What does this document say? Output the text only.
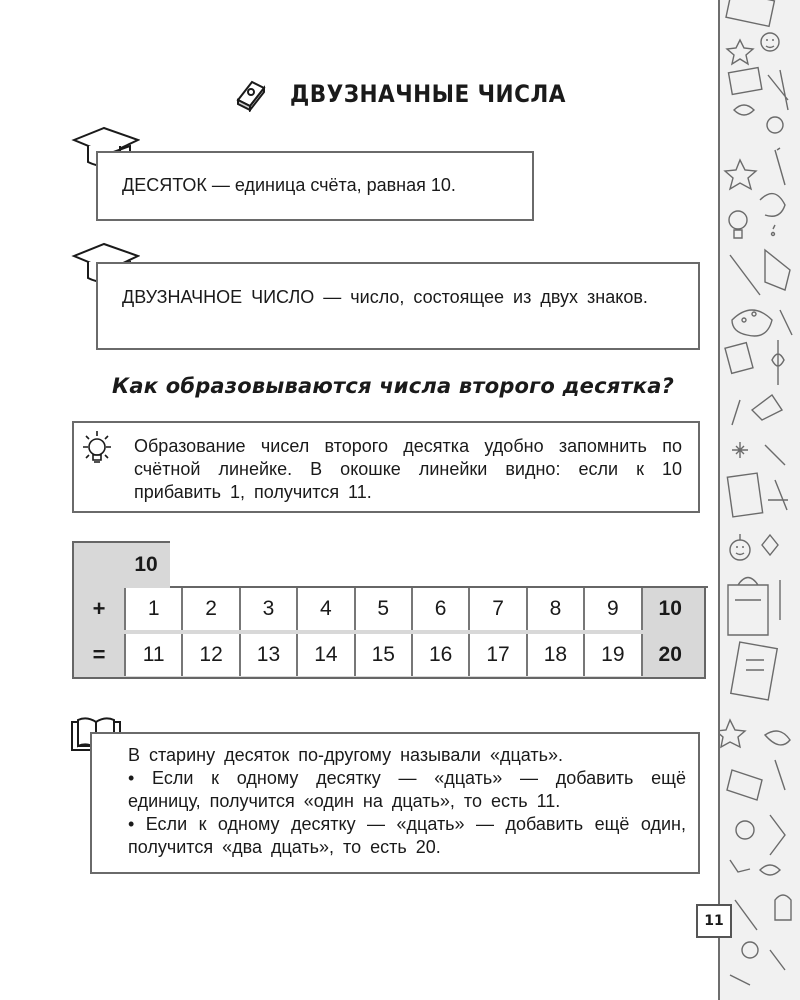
ДВУЗНАЧНЫЕ ЧИСЛА

ДЕСЯТОК — единица счёта, равная 10.

ДВУЗНАЧНОЕ ЧИСЛО — число, состоящее из двух знаков.

Как образовываются числа второго десятка?

Образование чисел второго десятка удобно запомнить по счётной линейке. В окошке линейки видно: если к 10 прибавить 1, получится 11.

10
+	1	2	3	4	5	6	7	8	9	10
=	11	12	13	14	15	16	17	18	19	20

В старину десяток по-другому называли «дцать».

• Если к одному десятку — «дцать» — добавить ещё единицу, получится «один на дцать», то есть 11.

• Если к одному десятку — «дцать» — добавить ещё один, получится «два дцать», то есть 20.

11
